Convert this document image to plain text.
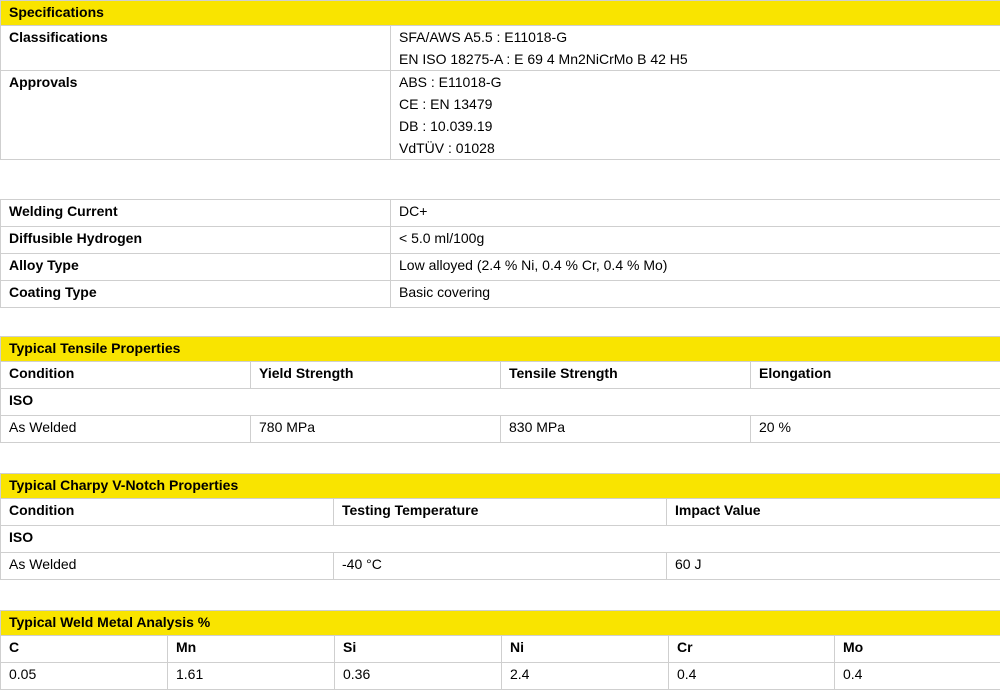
Specifications	
Classifications	SFA/AWS A5.5 : E11018-G
EN ISO 18275-A : E 69 4 Mn2NiCrMo B 42 H5

Approvals	ABS : E11018-G
CE : EN 13479
DB : 10.039.19
VdTÜV : 01028
Welding Current	DC+
Diffusible Hydrogen	< 5.0 ml/100g
Alloy Type	Low alloyed (2.4 % Ni, 0.4 % Cr, 0.4 % Mo)
Coating Type	Basic covering
Typical Tensile Properties			
Condition	Yield Strength	Tensile Strength	Elongation
ISO			
As Welded	780 MPa	830 MPa	20 %
Typical Charpy V-Notch Properties		
Condition	Testing Temperature	Impact Value
ISO		
As Welded	-40 °C	60 J
Typical Weld Metal Analysis %					
C	Mn	Si	Ni	Cr	Mo
0.05	1.61	0.36	2.4	0.4	0.4
